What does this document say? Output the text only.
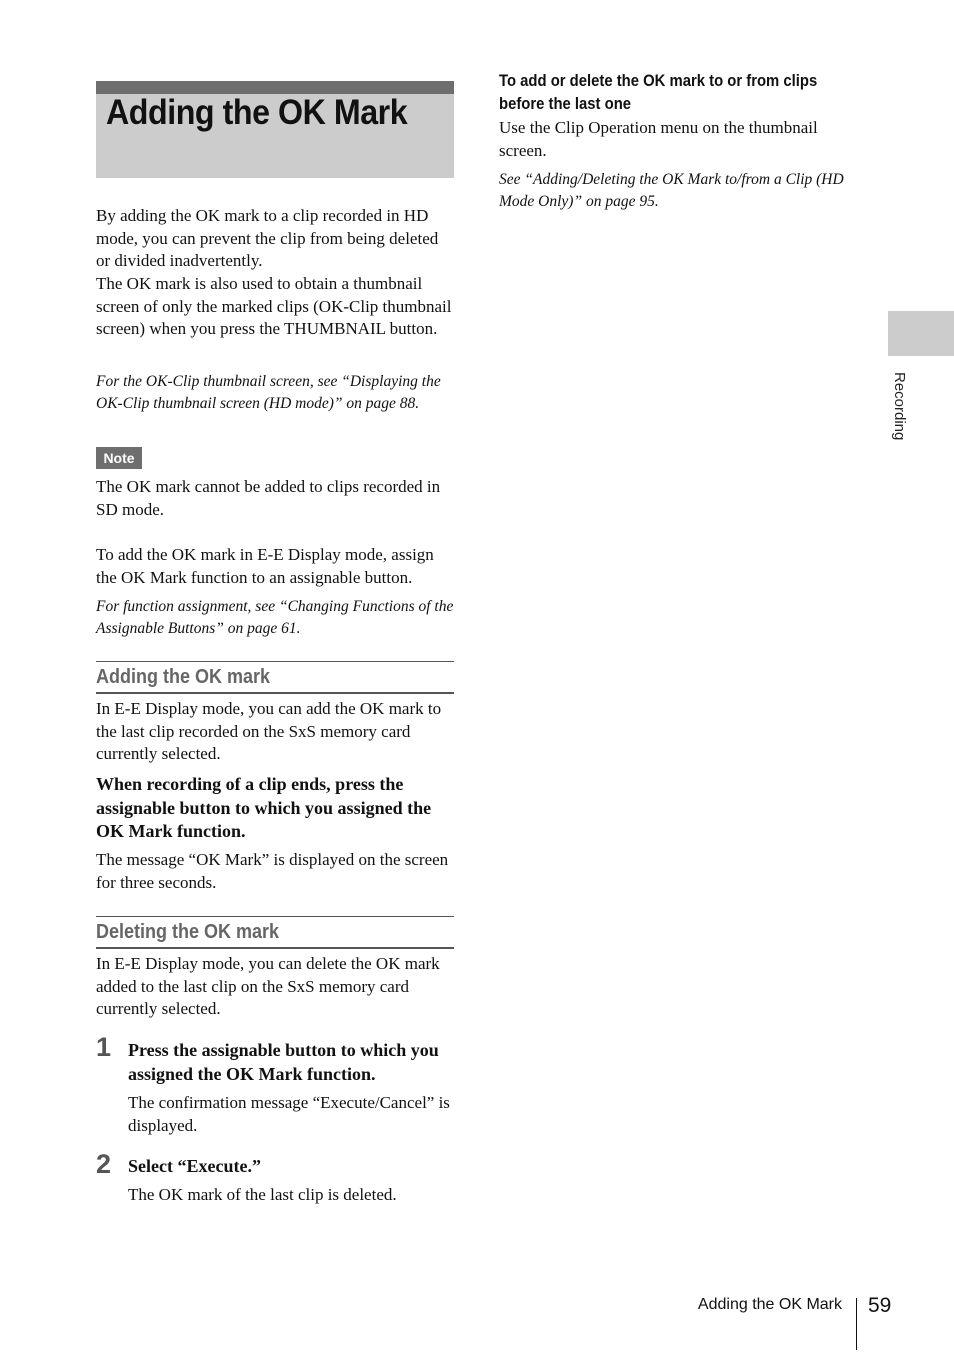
Adding the OK Mark

By adding the OK mark to a clip recorded in HD mode, you can prevent the clip from being deleted or divided inadvertently.

The OK mark is also used to obtain a thumbnail screen of only the marked clips (OK-Clip thumbnail screen) when you press the THUMBNAIL button.

For the OK-Clip thumbnail screen, see “Displaying the OK-Clip thumbnail screen (HD mode)” on page 88.

Note

The OK mark cannot be added to clips recorded in SD mode.

To add the OK mark in E-E Display mode, assign the OK Mark function to an assignable button.

For function assignment, see “Changing Functions of the Assignable Buttons” on page 61.

Adding the OK mark

In E-E Display mode, you can add the OK mark to the last clip recorded on the SxS memory card currently selected.

When recording of a clip ends, press the assignable button to which you assigned the OK Mark function.

The message “OK Mark” is displayed on the screen for three seconds.

Deleting the OK mark

In E-E Display mode, you can delete the OK mark added to the last clip on the SxS memory card currently selected.

1 Press the assignable button to which you assigned the OK Mark function.

The confirmation message “Execute/Cancel” is displayed.

2 Select “Execute.”

The OK mark of the last clip is deleted.

To add or delete the OK mark to or from clips
before the last one

Use the Clip Operation menu on the thumbnail screen.

See “Adding/Deleting the OK Mark to/from a Clip (HD Mode Only)” on page 95.

Recording
Adding the OK Mark 59
